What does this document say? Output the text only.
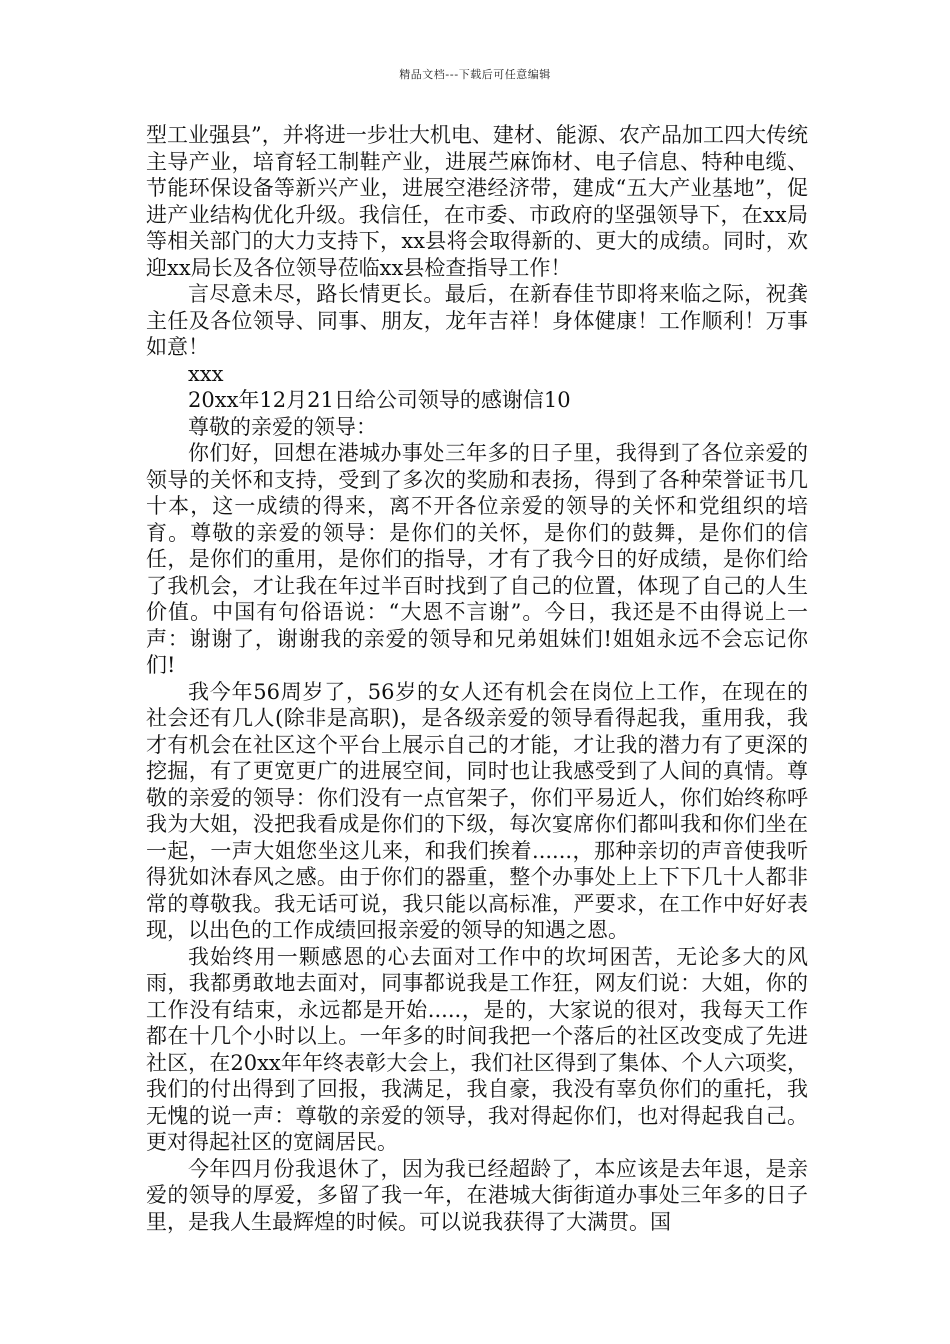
精品文档---下载后可任意编辑

型工业强县”，并将进一步壮大机电、建材、能源、农产品加工四大传统主导产业，培育轻工制鞋产业，进展苎麻饰材、电子信息、特种电缆、节能环保设备等新兴产业，进展空港经济带，建成“五大产业基地”，促进产业结构优化升级。我信任，在市委、市政府的坚强领导下，在xx局等相关部门的大力支持下，xx县将会取得新的、更大的成绩。同时，欢迎xx局长及各位领导莅临xx县检查指导工作！

言尽意未尽，路长情更长。最后，在新春佳节即将来临之际，祝龚主任及各位领导、同事、朋友，龙年吉祥！身体健康！工作顺利！万事如意！

xxx

20xx年12月21日给公司领导的感谢信10

尊敬的亲爱的领导：

你们好，回想在港城办事处三年多的日子里，我得到了各位亲爱的领导的关怀和支持，受到了多次的奖励和表扬，得到了各种荣誉证书几十本，这一成绩的得来，离不开各位亲爱的领导的关怀和党组织的培育。尊敬的亲爱的领导：是你们的关怀，是你们的鼓舞，是你们的信任，是你们的重用，是你们的指导，才有了我今日的好成绩，是你们给了我机会，才让我在年过半百时找到了自己的位置，体现了自己的人生价值。中国有句俗语说：“大恩不言谢”。今日，我还是不由得说上一声：谢谢了，谢谢我的亲爱的领导和兄弟姐妹们!姐姐永远不会忘记你们!

我今年56周岁了，56岁的女人还有机会在岗位上工作，在现在的社会还有几人(除非是高职)，是各级亲爱的领导看得起我，重用我，我才有机会在社区这个平台上展示自己的才能，才让我的潜力有了更深的挖掘，有了更宽更广的进展空间，同时也让我感受到了人间的真情。尊敬的亲爱的领导：你们没有一点官架子，你们平易近人，你们始终称呼我为大姐，没把我看成是你们的下级，每次宴席你们都叫我和你们坐在一起，一声大姐您坐这儿来，和我们挨着......，那种亲切的声音使我听得犹如沐春风之感。由于你们的器重，整个办事处上上下下几十人都非常的尊敬我。我无话可说，我只能以高标准，严要求，在工作中好好表现，以出色的工作成绩回报亲爱的领导的知遇之恩。

我始终用一颗感恩的心去面对工作中的坎坷困苦，无论多大的风雨，我都勇敢地去面对，同事都说我是工作狂，网友们说：大姐，你的工作没有结束，永远都是开始.....，是的，大家说的很对，我每天工作都在十几个小时以上。一年多的时间我把一个落后的社区改变成了先进社区，在20xx年年终表彰大会上，我们社区得到了集体、个人六项奖，我们的付出得到了回报，我满足，我自豪，我没有辜负你们的重托，我无愧的说一声：尊敬的亲爱的领导，我对得起你们，也对得起我自己。更对得起社区的宽阔居民。

今年四月份我退休了，因为我已经超龄了，本应该是去年退，是亲爱的领导的厚爱，多留了我一年，在港城大街街道办事处三年多的日子里，是我人生最辉煌的时候。可以说我获得了大满贯。国
